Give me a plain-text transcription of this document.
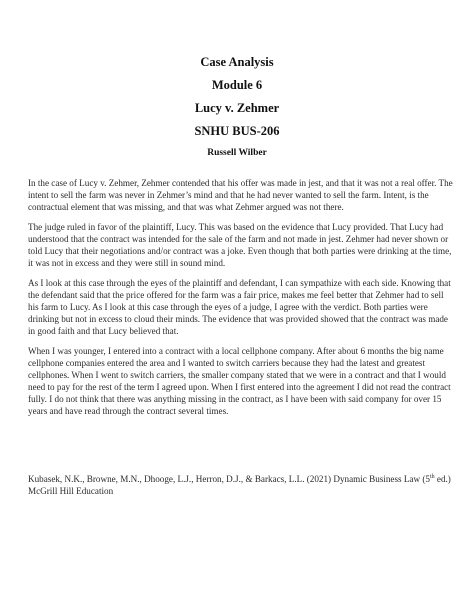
Case Analysis
Module 6
Lucy v. Zehmer
SNHU BUS-206
Russell Wilber

In the case of Lucy v. Zehmer, Zehmer contended that his offer was made in jest, and that it was not a real offer. The intent to sell the farm was never in Zehmer’s mind and that he had never wanted to sell the farm. Intent, is the contractual element that was missing, and that was what Zehmer argued was not there.

The judge ruled in favor of the plaintiff, Lucy. This was based on the evidence that Lucy provided. That Lucy had understood that the contract was intended for the sale of the farm and not made in jest. Zehmer had never shown or told Lucy that their negotiations and/or contract was a joke. Even though that both parties were drinking at the time, it was not in excess and they were still in sound mind.

As I look at this case through the eyes of the plaintiff and defendant, I can sympathize with each side. Knowing that the defendant said that the price offered for the farm was a fair price, makes me feel better that Zehmer had to sell his farm to Lucy. As I look at this case through the eyes of a judge, I agree with the verdict. Both parties were drinking but not in excess to cloud their minds. The evidence that was provided showed that the contract was made in good faith and that Lucy believed that.

When I was younger, I entered into a contract with a local cellphone company. After about 6 months the big name cellphone companies entered the area and I wanted to switch carriers because they had the latest and greatest cellphones. When I went to switch carriers, the smaller company stated that we were in a contract and that I would need to pay for the rest of the term I agreed upon. When I first entered into the agreement I did not read the contract fully. I do not think that there was anything missing in the contract, as I have been with said company for over 15 years and have read through the contract several times.

Kubasek, N.K., Browne, M.N., Dhooge, L.J., Herron, D.J., & Barkacs, L.L. (2021) Dynamic Business Law (5th ed.) McGrill Hill Education
